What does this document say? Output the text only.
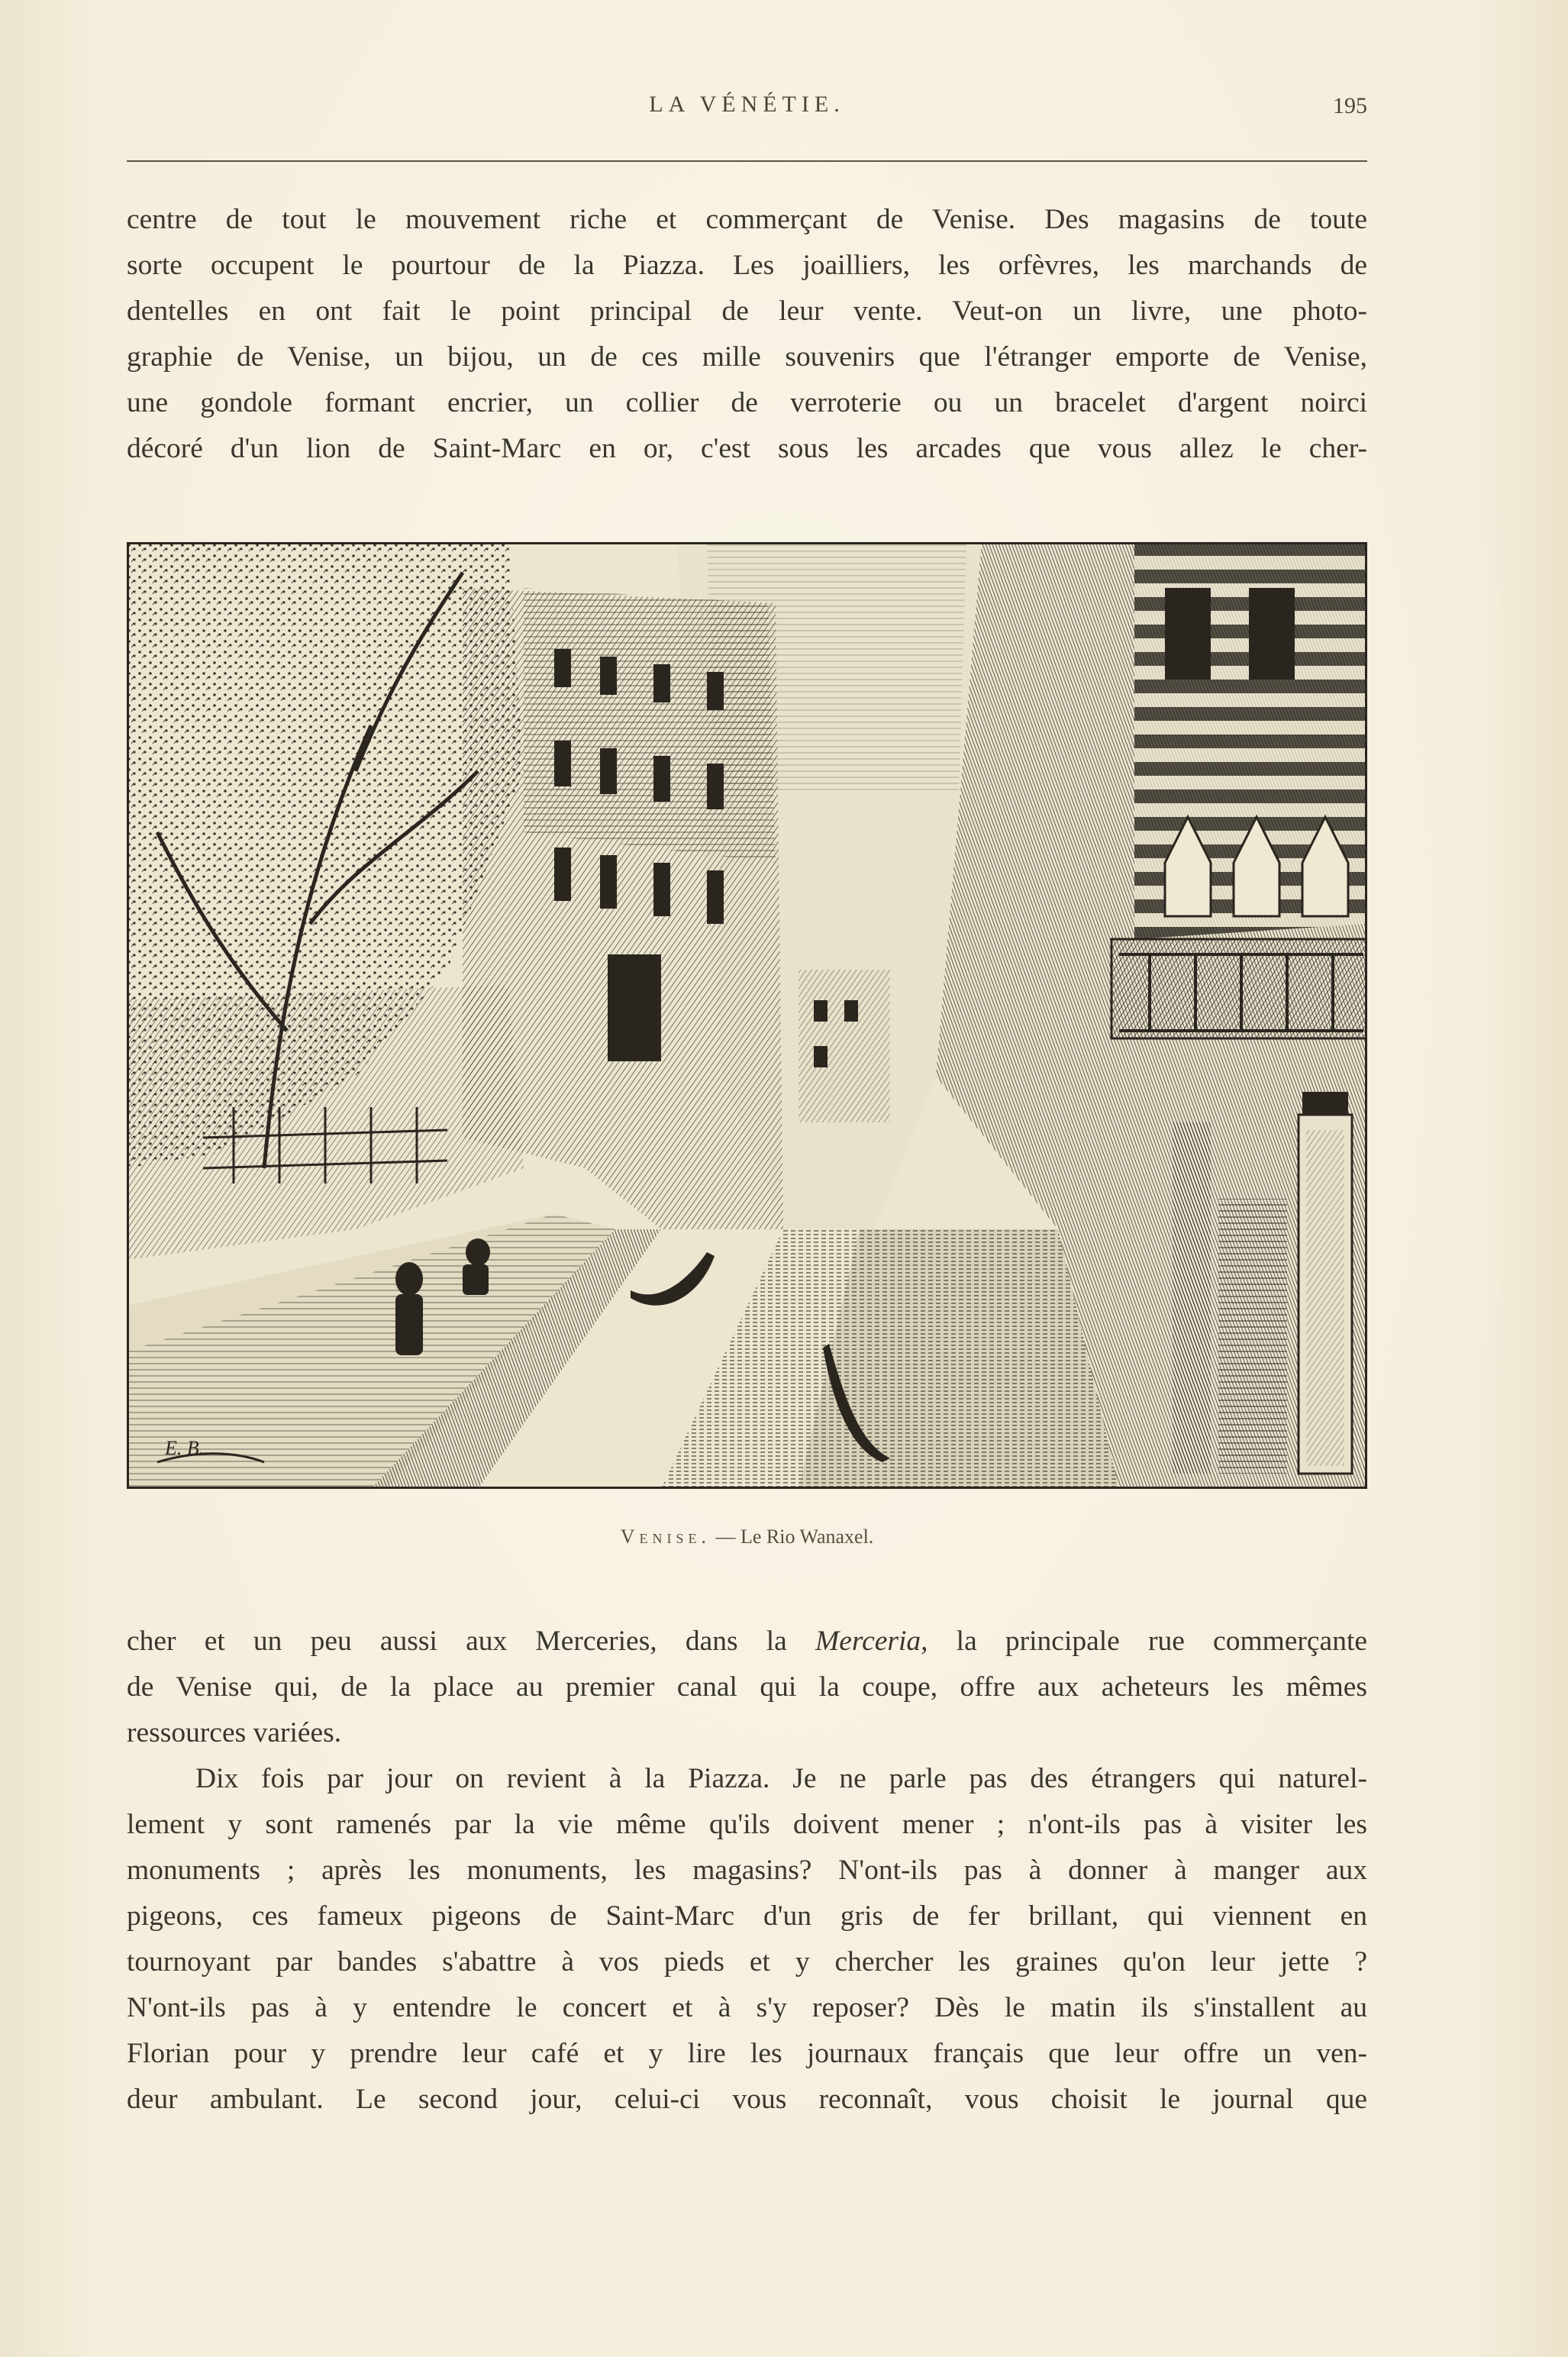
LA VÉNÉTIE.	195
centre de tout le mouvement riche et commerçant de Venise. Des magasins de toute
sorte occupent le pourtour de la Piazza. Les joailliers, les orfèvres, les marchands de
dentelles en ont fait le point principal de leur vente. Veut-on un livre, une photo-
graphie de Venise, un bijou, un de ces mille souvenirs que l'étranger emporte de Venise,
une gondole formant encrier, un collier de verroterie ou un bracelet d'argent noirci
décoré d'un lion de Saint-Marc en or, c'est sous les arcades que vous allez le cher-
E. B...
Venise. — Le Rio Wanaxel.
cher et un peu aussi aux Merceries, dans la Merceria, la principale rue commerçante
de Venise qui, de la place au premier canal qui la coupe, offre aux acheteurs les mêmes
ressources variées.
Dix fois par jour on revient à la Piazza. Je ne parle pas des étrangers qui naturel-
lement y sont ramenés par la vie même qu'ils doivent mener ; n'ont-ils pas à visiter les
monuments ; après les monuments, les magasins? N'ont-ils pas à donner à manger aux
pigeons, ces fameux pigeons de Saint-Marc d'un gris de fer brillant, qui viennent en
tournoyant par bandes s'abattre à vos pieds et y chercher les graines qu'on leur jette ?
N'ont-ils pas à y entendre le concert et à s'y reposer? Dès le matin ils s'installent au
Florian pour y prendre leur café et y lire les journaux français que leur offre un ven-
deur ambulant. Le second jour, celui-ci vous reconnaît, vous choisit le journal que
